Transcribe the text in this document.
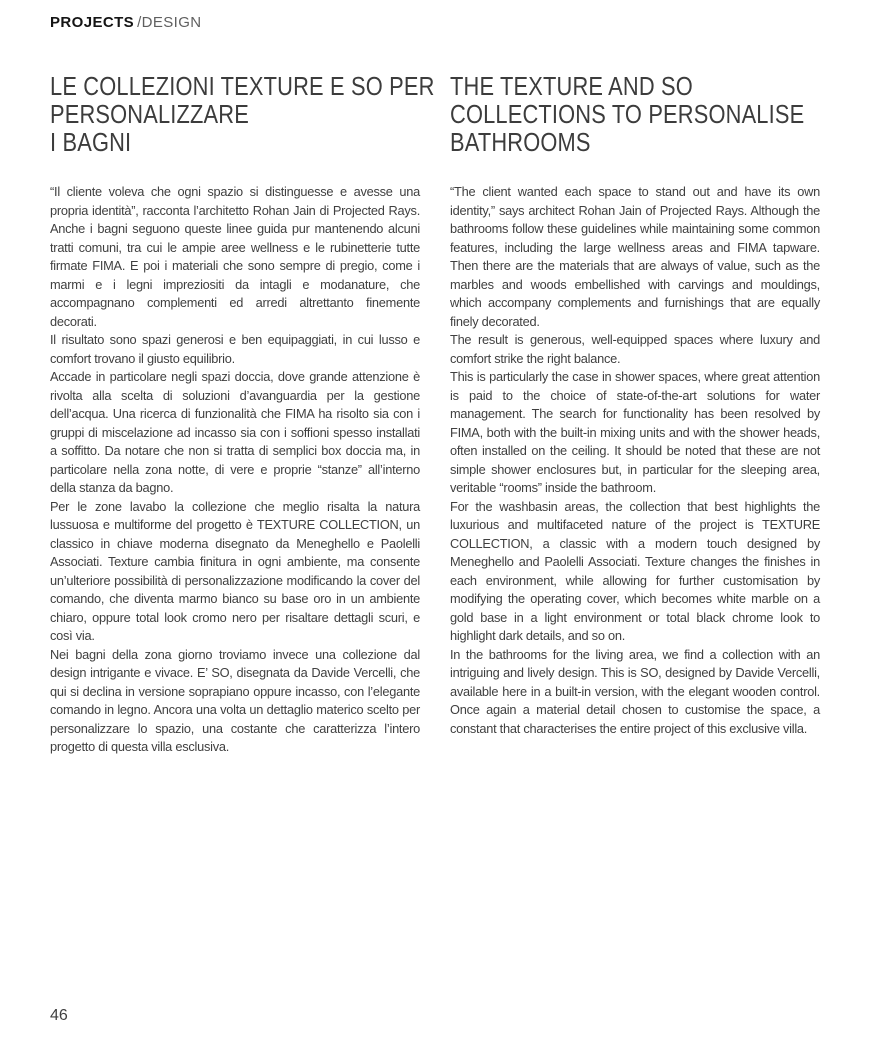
PROJECTS /DESIGN
LE COLLEZIONI TEXTURE E SO PER
PERSONALIZZARE
I BAGNI

“Il cliente voleva che ogni spazio si distinguesse e avesse una propria identità”, racconta l’architetto Rohan Jain di Projected Rays. Anche i bagni seguono queste linee guida pur mantenendo alcuni tratti comuni, tra cui le ampie aree wellness e le rubinetterie tutte firmate FIMA. E poi i materiali che sono sempre di pregio, come i marmi e i legni impreziositi da intagli e modanature, che accompagnano complementi ed arredi altrettanto finemente decorati.

Il risultato sono spazi generosi e ben equipaggiati, in cui lusso e comfort trovano il giusto equilibrio.

Accade in particolare negli spazi doccia, dove grande attenzione è rivolta alla scelta di soluzioni d’avanguardia per la gestione dell’acqua. Una ricerca di funzionalità che FIMA ha risolto sia con i gruppi di miscelazione ad incasso sia con i soffioni spesso installati a soffitto. Da notare che non si tratta di semplici box doccia ma, in particolare nella zona notte, di vere e proprie “stanze” all’interno della stanza da bagno.

Per le zone lavabo la collezione che meglio risalta la natura lussuosa e multiforme del progetto è TEXTURE COLLECTION, un classico in chiave moderna disegnato da Meneghello e Paolelli Associati. Texture cambia finitura in ogni ambiente, ma consente un’ulteriore possibilità di personalizzazione modificando la cover del comando, che diventa marmo bianco su base oro in un ambiente chiaro, oppure total look cromo nero per risaltare dettagli scuri, e così via.

Nei bagni della zona giorno troviamo invece una collezione dal design intrigante e vivace. E’ SO, disegnata da Davide Vercelli, che qui si declina in versione soprapiano oppure incasso, con l’elegante comando in legno. Ancora una volta un dettaglio materico scelto per personalizzare lo spazio, una costante che caratterizza l’intero progetto di questa villa esclusiva.

THE TEXTURE AND SO
COLLECTIONS TO PERSONALISE
BATHROOMS

“The client wanted each space to stand out and have its own identity,” says architect Rohan Jain of Projected Rays. Although the bathrooms follow these guidelines while maintaining some common features, including the large wellness areas and FIMA tapware. Then there are the materials that are always of value, such as the marbles and woods embellished with carvings and mouldings, which accompany complements and furnishings that are equally finely decorated.

The result is generous, well-equipped spaces where luxury and comfort strike the right balance.

This is particularly the case in shower spaces, where great attention is paid to the choice of state-of-the-art solutions for water management. The search for functionality has been resolved by FIMA, both with the built-in mixing units and with the shower heads, often installed on the ceiling. It should be noted that these are not simple shower enclosures but, in particular for the sleeping area, veritable “rooms” inside the bathroom.

For the washbasin areas, the collection that best highlights the luxurious and multifaceted nature of the project is TEXTURE COLLECTION, a classic with a modern touch designed by Meneghello and Paolelli Associati. Texture changes the finishes in each environment, while allowing for further customisation by modifying the operating cover, which becomes white marble on a gold base in a light environment or total black chrome look to highlight dark details, and so on.

In the bathrooms for the living area, we find a collection with an intriguing and lively design. This is SO, designed by Davide Vercelli, available here in a built-in version, with the elegant wooden control. Once again a material detail chosen to customise the space, a constant that characterises the entire project of this exclusive villa.

46
